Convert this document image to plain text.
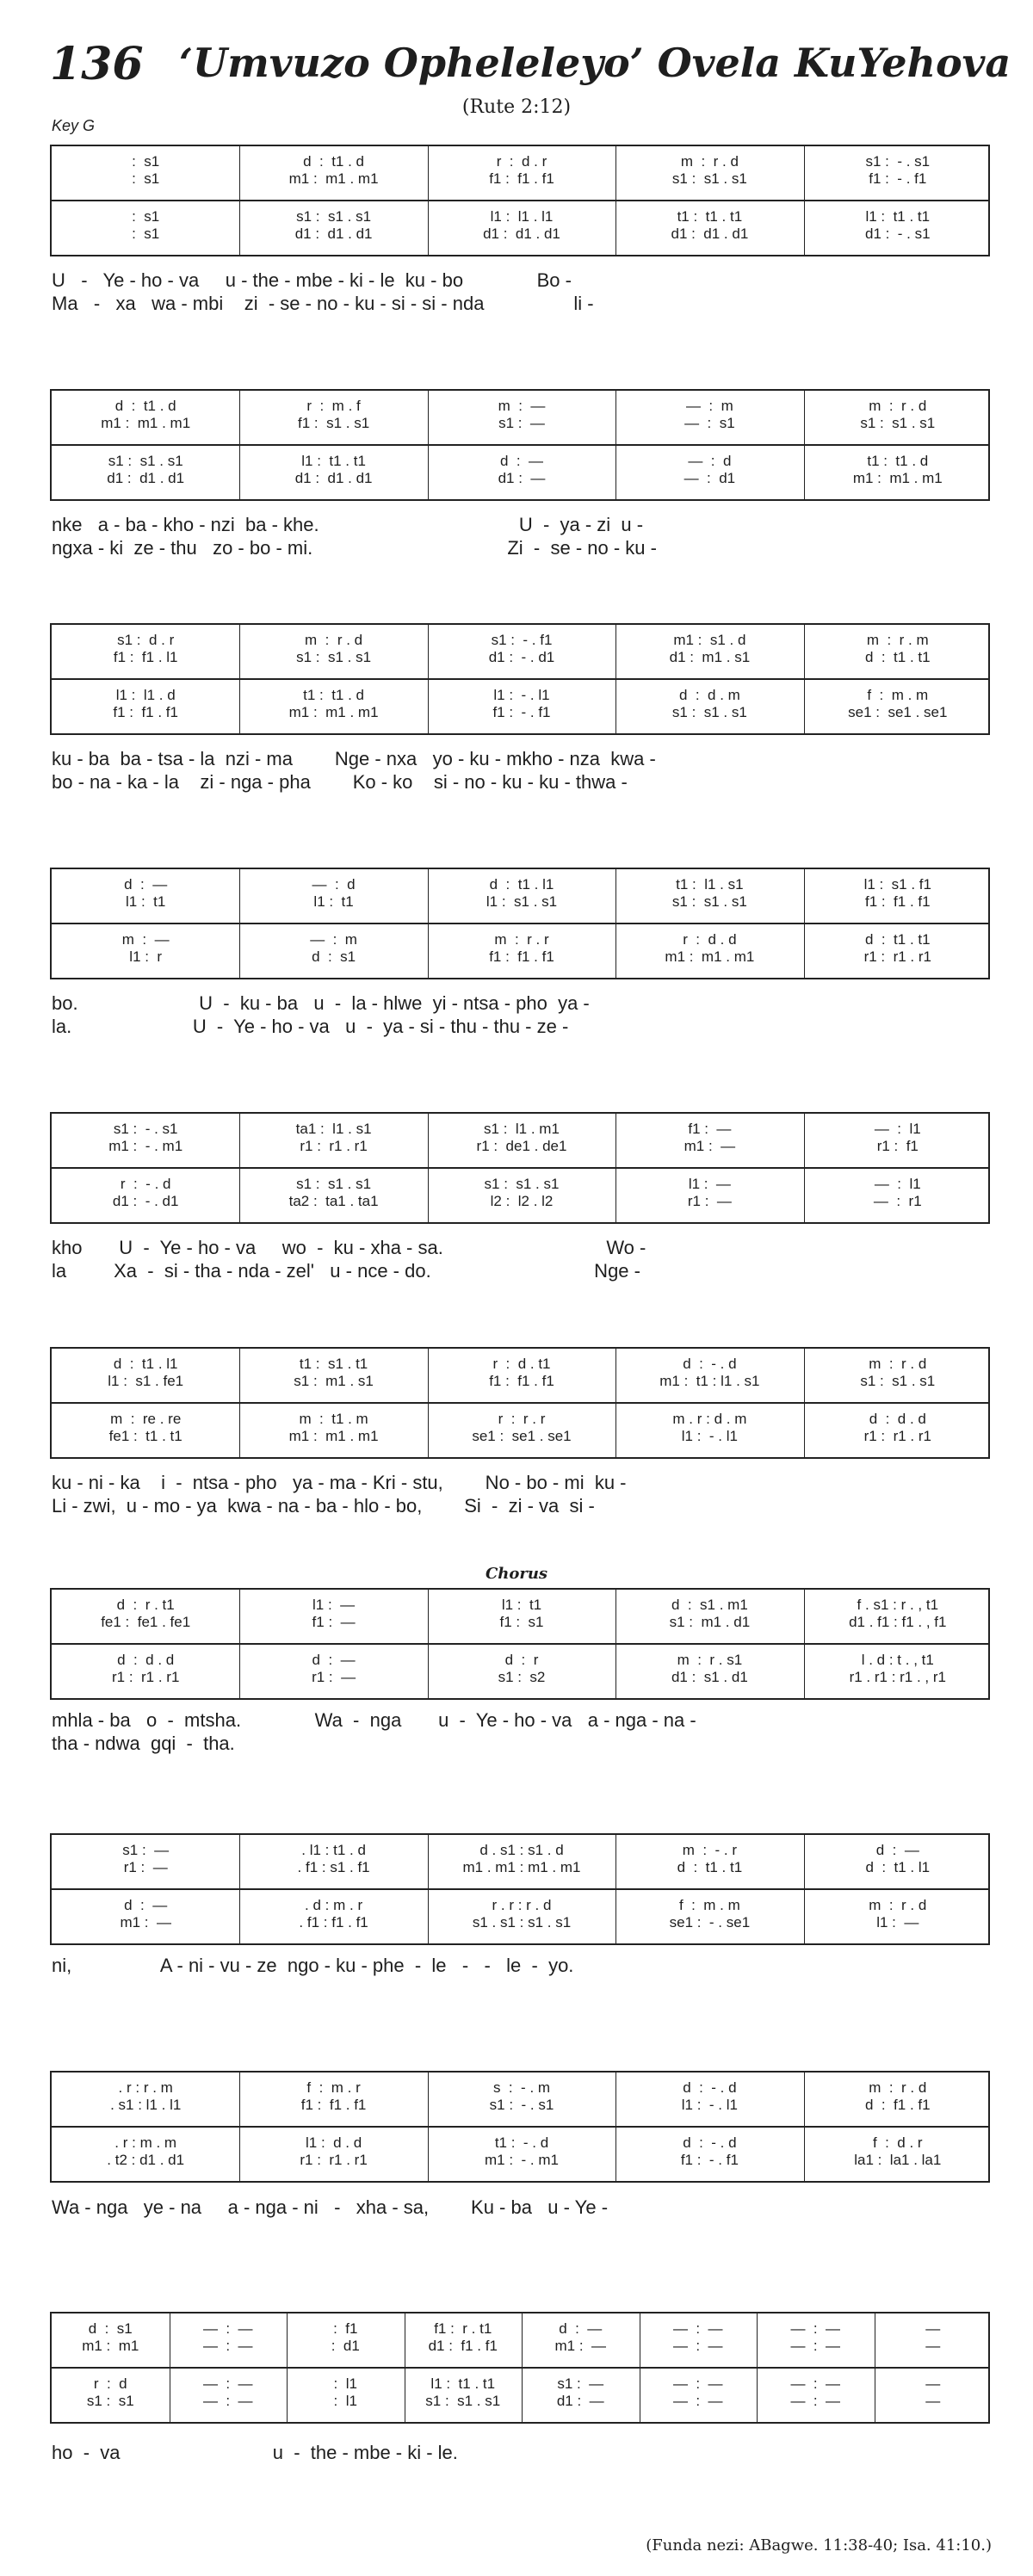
136 ‘Umvuzo Opheleleyo’ Ovela KuYehova
(Rute 2:12)
Key G
Chorus
:  s1
:  s1
:  s1
:  s1
d  :  t1 . d
m1 :  m1 . m1
s1 :  s1 . s1
d1 :  d1 . d1
r  :  d . r
f1 :  f1 . f1
l1 :  l1 . l1
d1 :  d1 . d1
m  :  r . d
s1 :  s1 . s1
t1 :  t1 . t1
d1 :  d1 . d1
s1 :  - . s1
f1 :  - . f1
l1 :  t1 . t1
d1 :  - . s1
U   -   Ye - ho - va     u - the - mbe - ki - le  ku - bo              Bo -
Ma   -   xa   wa - mbi    zi  - se - no - ku - si - si - nda                 li -
d  :  t1 . d
m1 :  m1 . m1
s1 :  s1 . s1
d1 :  d1 . d1
r  :  m . f
f1 :  s1 . s1
l1 :  t1 . t1
d1 :  d1 . d1
m  :  —
s1 :  —
d  :  —
d1 :  —
—  :  m
—  :  s1
—  :  d
—  :  d1
m  :  r . d
s1 :  s1 . s1
t1 :  t1 . d
m1 :  m1 . m1
nke   a - ba - kho - nzi  ba - khe.                                      U  -  ya - zi  u -
ngxa - ki  ze - thu   zo - bo - mi.                                     Zi  -  se - no - ku -
s1 :  d . r
f1 :  f1 . l1
l1 :  l1 . d
f1 :  f1 . f1
m  :  r . d
s1 :  s1 . s1
t1 :  t1 . d
m1 :  m1 . m1
s1 :  - . f1
d1 :  - . d1
l1 :  - . l1
f1 :  - . f1
m1 :  s1 . d
d1 :  m1 . s1
d  :  d . m
s1 :  s1 . s1
m  :  r . m
d  :  t1 . t1
f  :  m . m
se1 :  se1 . se1
ku - ba  ba - tsa - la  nzi - ma        Nge - nxa   yo - ku - mkho - nza  kwa -
bo - na - ka - la    zi - nga - pha        Ko - ko    si - no - ku - ku - thwa -
d  :  —
l1 :  t1
m  :  —
l1 :  r
—  :  d
l1 :  t1
—  :  m
d  :  s1
d  :  t1 . l1
l1 :  s1 . s1
m  :  r . r
f1 :  f1 . f1
t1 :  l1 . s1
s1 :  s1 . s1
r  :  d . d
m1 :  m1 . m1
l1 :  s1 . f1
f1 :  f1 . f1
d  :  t1 . t1
r1 :  r1 . r1
bo.                       U  -  ku - ba   u  -  la - hlwe  yi - ntsa - pho  ya -
la.                       U  -  Ye - ho - va   u  -  ya - si - thu - thu - ze -
s1 :  - . s1
m1 :  - . m1
r  :  - . d
d1 :  - . d1
ta1 :  l1 . s1
r1 :  r1 . r1
s1 :  s1 . s1
ta2 :  ta1 . ta1
s1 :  l1 . m1
r1 :  de1 . de1
s1 :  s1 . s1
l2 :  l2 . l2
f1 :  —
m1 :  —
l1 :  —
r1 :  —
—  :  l1
r1 :  f1
—  :  l1
—  :  r1
kho       U  -  Ye - ho - va     wo  -  ku - xha - sa.                               Wo -
la         Xa  -  si - tha - nda - zel'   u - nce - do.                               Nge -
d  :  t1 . l1
l1 :  s1 . fe1
m  :  re . re
fe1 :  t1 . t1
t1 :  s1 . t1
s1 :  m1 . s1
m  :  t1 . m
m1 :  m1 . m1
r  :  d . t1
f1 :  f1 . f1
r  :  r . r
se1 :  se1 . se1
d  :  - . d
m1 :  t1 : l1 . s1
m . r : d . m
l1 :  - . l1
m  :  r . d
s1 :  s1 . s1
d  :  d . d
r1 :  r1 . r1
ku - ni - ka    i  -  ntsa - pho   ya - ma - Kri - stu,        No - bo - mi  ku -
Li - zwi,  u - mo - ya  kwa - na - ba - hlo - bo,        Si  -  zi - va  si -
d  :  r . t1
fe1 :  fe1 . fe1
d  :  d . d
r1 :  r1 . r1
l1 :  —
f1 :  —
d  :  —
r1 :  —
l1 :  t1
f1 :  s1
d  :  r
s1 :  s2
d  :  s1 . m1
s1 :  m1 . d1
m  :  r . s1
d1 :  s1 . d1
f . s1 : r . , t1
d1 . f1 : f1 . , f1
l . d : t . , t1
r1 . r1 : r1 . , r1
mhla - ba   o  -  mtsha.              Wa  -  nga       u  -  Ye - ho - va   a - nga - na -
tha - ndwa  gqi  -  tha.
s1 :  —
r1 :  —
d  :  —
m1 :  —
. l1 : t1 . d
. f1 : s1 . f1
. d : m . r
. f1 : f1 . f1
d . s1 : s1 . d
m1 . m1 : m1 . m1
r . r : r . d
s1 . s1 : s1 . s1
m  :  - . r
d  :  t1 . t1
f  :  m . m
se1 :  - . se1
d  :  —
d  :  t1 . l1
m  :  r . d
l1 :  —
ni,                 A - ni - vu - ze  ngo - ku - phe  -  le   -   -   le  -  yo.
. r : r . m
. s1 : l1 . l1
. r : m . m
. t2 : d1 . d1
f  :  m . r
f1 :  f1 . f1
l1 :  d . d
r1 :  r1 . r1
s  :  - . m
s1 :  - . s1
t1 :  - . d
m1 :  - . m1
d  :  - . d
l1 :  - . l1
d  :  - . d
f1 :  - . f1
m  :  r . d
d  :  f1 . f1
f  :  d . r
la1 :  la1 . la1
Wa - nga   ye - na     a - nga - ni   -   xha - sa,        Ku - ba   u - Ye -
d  :  s1
m1 :  m1
r  :  d
s1 :  s1
—  :  —
—  :  —
—  :  —
—  :  —
:  f1
:  d1
:  l1
:  l1
f1 :  r . t1
d1 :  f1 . f1
l1 :  t1 . t1
s1 :  s1 . s1
d  :  —
m1 :  —
s1 :  —
d1 :  —
—  :  —
—  :  —
—  :  —
—  :  —
—  :  —
—  :  —
—  :  —
—  :  —
—
—
—
—
ho  -  va                             u  -  the - mbe - ki - le.
(Funda nezi: ABagwe. 11:38-40; Isa. 41:10.)
